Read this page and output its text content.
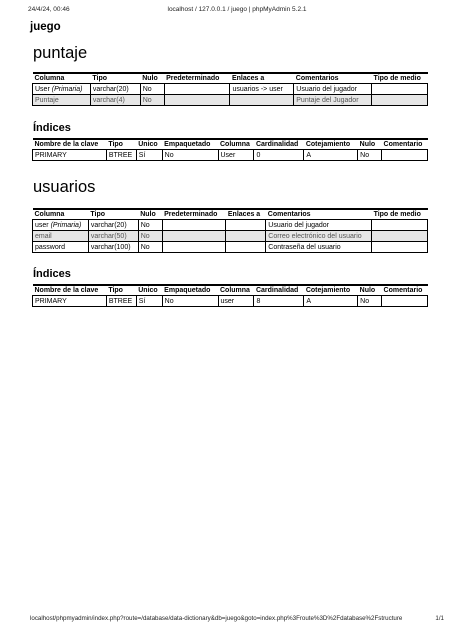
24/4/24, 00:46	localhost / 127.0.0.1 / juego | phpMyAdmin 5.2.1
juego
puntaje
Columna	Tipo	Nulo	Predeterminado	Enlaces a	Comentarios	Tipo de medio
User (Primaria)	varchar(20)	No		usuarios -> user	Usuario del jugador	
Puntaje	varchar(4)	No			Puntaje del Jugador	
Índices
Nombre de la clave	Tipo	Único	Empaquetado	Columna	Cardinalidad	Cotejamiento	Nulo	Comentario
PRIMARY	BTREE	Sí	No	User	0	A	No	
usuarios
Columna	Tipo	Nulo	Predeterminado	Enlaces a	Comentarios	Tipo de medio
user (Primaria)	varchar(20)	No			Usuario del jugador	
email	varchar(50)	No			Correo electrónico del usuario	
password	varchar(100)	No			Contraseña del usuario	
Índices
Nombre de la clave	Tipo	Único	Empaquetado	Columna	Cardinalidad	Cotejamiento	Nulo	Comentario
PRIMARY	BTREE	Sí	No	user	8	A	No	
localhost/phpmyadmin/index.php?route=/database/data-dictionary&db=juego&goto=index.php%3Froute%3D%2Fdatabase%2Fstructure	1/1
